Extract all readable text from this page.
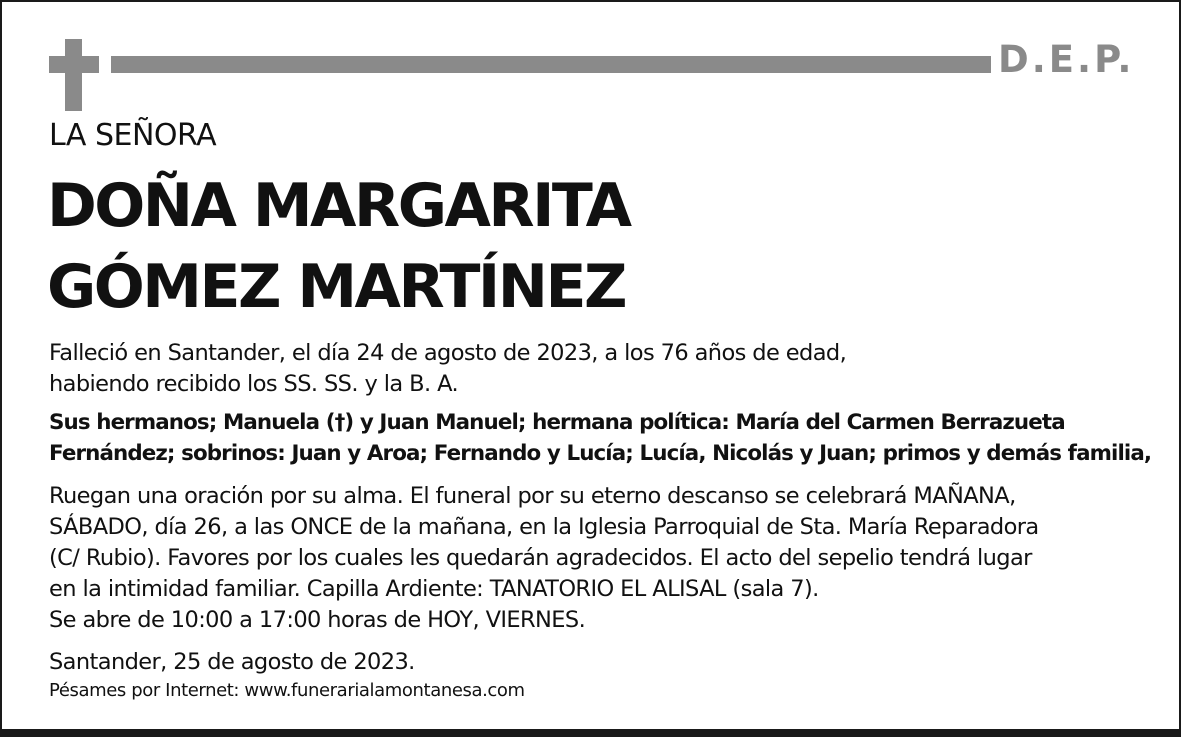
D.E.P.
LA SEÑORA
DOÑA MARGARITA
GÓMEZ MARTÍNEZ
Falleció en Santander, el día 24 de agosto de 2023, a los 76 años de edad,
habiendo recibido los SS. SS. y la B. A.
Sus hermanos; Manuela (†) y Juan Manuel; hermana política: María del Carmen Berrazueta
Fernández; sobrinos: Juan y Aroa; Fernando y Lucía; Lucía, Nicolás y Juan; primos y demás familia,
Ruegan una oración por su alma. El funeral por su eterno descanso se celebrará MAÑANA,
SÁBADO, día 26, a las ONCE de la mañana, en la Iglesia Parroquial de Sta. María Reparadora
(C/ Rubio). Favores por los cuales les quedarán agradecidos. El acto del sepelio tendrá lugar
en la intimidad familiar. Capilla Ardiente: TANATORIO EL ALISAL (sala 7).
Se abre de 10:00 a 17:00 horas de HOY, VIERNES.
Santander, 25 de agosto de 2023.
Pésames por Internet: www.funerarialamontanesa.com
